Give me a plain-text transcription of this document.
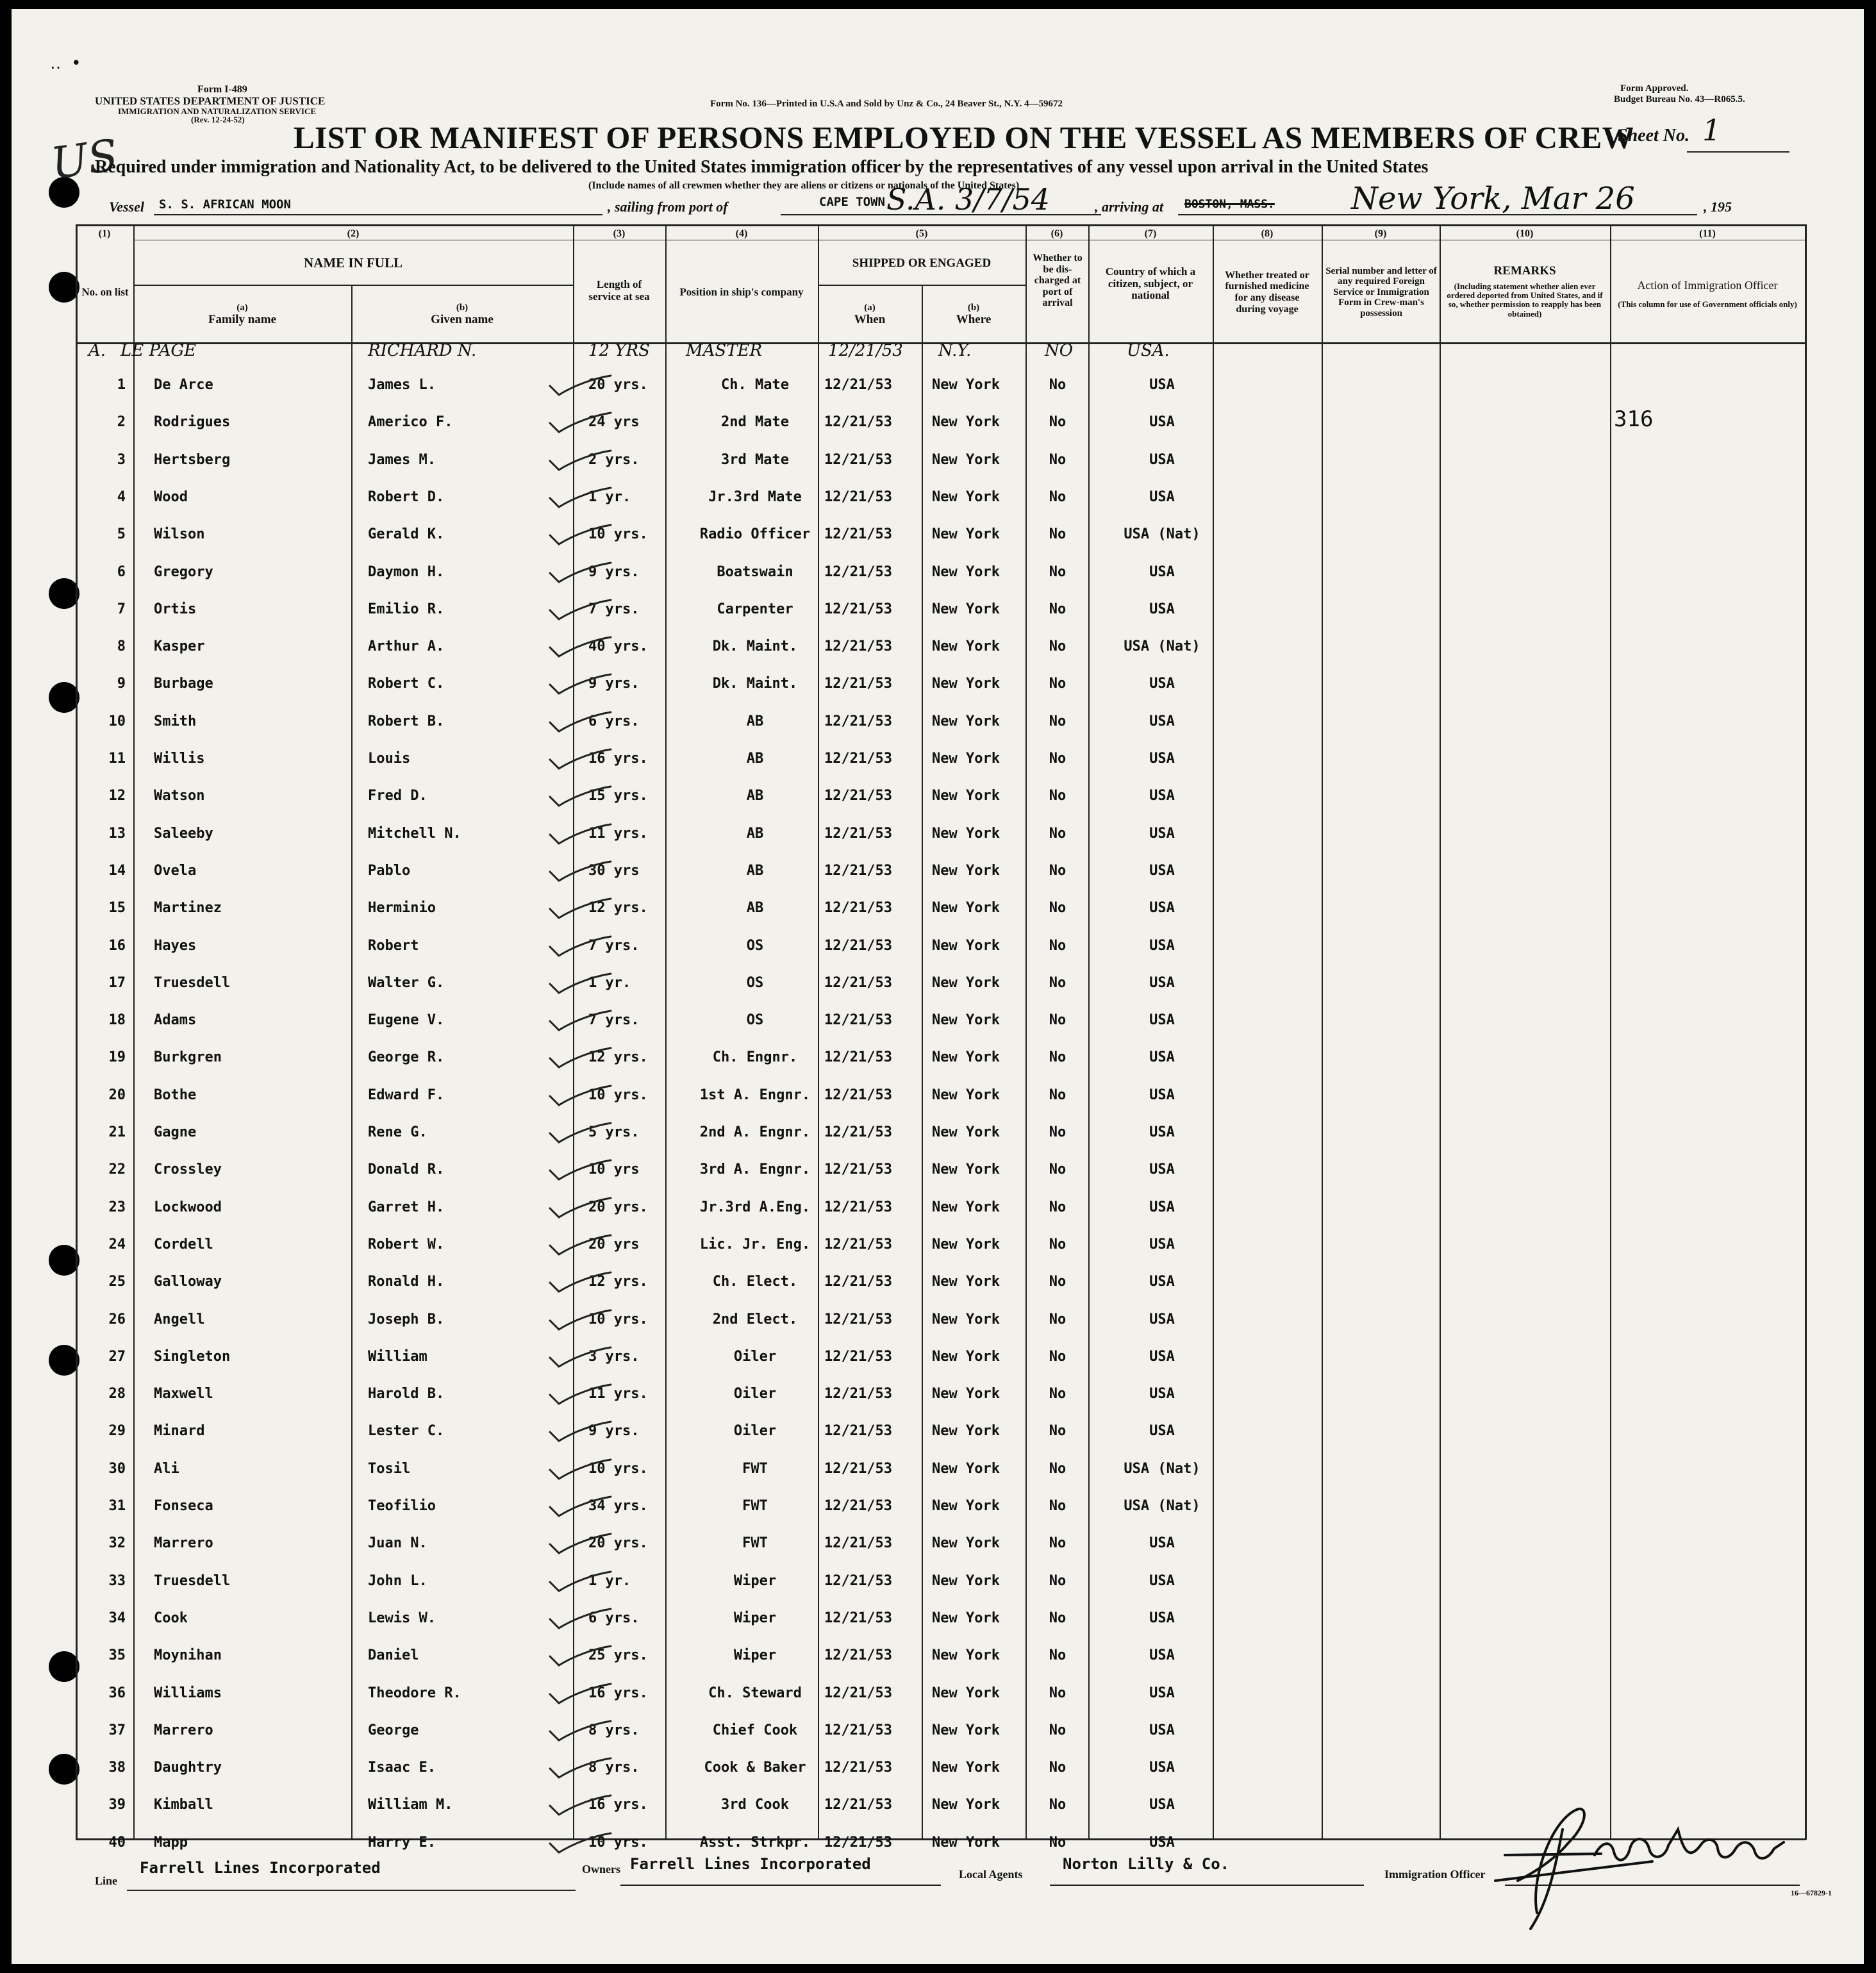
‥ •
Form I-489
UNITED STATES DEPARTMENT OF JUSTICE
IMMIGRATION AND NATURALIZATION SERVICE
(Rev. 12-24-52)
Form No. 136—Printed in U.S.A and Sold by Unz & Co., 24 Beaver St., N.Y. 4—59672
Form Approved.
Budget Bureau No. 43—R065.5.
US	LIST OR MANIFEST OF PERSONS EMPLOYED ON THE VESSEL AS MEMBERS OF CREW
Sheet No. 1
Required under immigration and Nationality Act, to be delivered to the United States immigration officer by the representatives of any vessel upon arrival in the United States
(Include names of all crewmen whether they are aliens or citizens or nationals of the United States)
Vessel S. S. AFRICAN MOON	, sailing from port of	CAPE TOWN S.A. 3/7/54	, arriving at BOSTON, MASS. New York, Mar 26	, 195
(1)	(2)	(3)	(4)	(5)	(6)	(7)	(8)	(9)	(10)	(11)
No. on list
NAME IN FULL
(a)
Family name
(b)
Given name
Length of service at sea	Position in ship's company
SHIPPED OR ENGAGED
(a)
When
(b)
Where
Whether to be dis-charged at port of arrival
Country of which a citizen, subject, or national
Whether treated or furnished medicine for any disease during voyage
Serial number and letter of any required Foreign Service or Immigration Form in Crew-man's possession
REMARKS
(Including statement whether alien ever ordered deported from United States, and if so, whether permission to reapply has been obtained)
Action of Immigration Officer
(This column for use of Government officials only)
A. LE PAGE	RICHARD N.	12 YRS MASTER	12/21/53 N.Y.	NO	USA.
1 De Arce	James L.	20 yrs.	Ch. Mate	12/21/53	New York	No	USA
2 Rodrigues	Americo F.	24 yrs	2nd Mate	12/21/53	New York	No	USA
3 Hertsberg	James M.	2 yrs.	3rd Mate	12/21/53	New York	No	USA
4 Wood	Robert D.	1 yr.	Jr.3rd Mate	12/21/53	New York	No	USA
5 Wilson	Gerald K.	10 yrs.	Radio Officer 12/21/53	New York	No	USA (Nat)
6 Gregory	Daymon H.	9 yrs.	Boatswain	12/21/53	New York	No	USA
7 Ortis	Emilio R.	7 yrs.	Carpenter	12/21/53	New York	No	USA
8 Kasper	Arthur A.	40 yrs.	Dk. Maint.	12/21/53	New York	No	USA (Nat)
9 Burbage	Robert C.	9 yrs.	Dk. Maint.	12/21/53	New York	No	USA
10 Smith	Robert B.	6 yrs.	AB	12/21/53	New York	No	USA
11 Willis	Louis	16 yrs.	AB	12/21/53	New York	No	USA
12 Watson	Fred D.	15 yrs.	AB	12/21/53	New York	No	USA
13 Saleeby	Mitchell N.	11 yrs.	AB	12/21/53	New York	No	USA
14 Ovela	Pablo	30 yrs	AB	12/21/53	New York	No	USA
15 Martinez	Herminio	12 yrs.	AB	12/21/53	New York	No	USA
16 Hayes	Robert	7 yrs.	OS	12/21/53	New York	No	USA
17 Truesdell	Walter G.	1 yr.	OS	12/21/53	New York	No	USA
18 Adams	Eugene V.	7 yrs.	OS	12/21/53	New York	No	USA
19 Burkgren	George R.	12 yrs.	Ch. Engnr.	12/21/53	New York	No	USA
20 Bothe	Edward F.	10 yrs.	1st A. Engnr. 12/21/53	New York	No	USA
21 Gagne	Rene G.	5 yrs.	2nd A. Engnr. 12/21/53	New York	No	USA
22 Crossley	Donald R.	10 yrs	3rd A. Engnr. 12/21/53	New York	No	USA
23 Lockwood	Garret H.	20 yrs.	Jr.3rd A.Eng. 12/21/53	New York	No	USA
24 Cordell	Robert W.	20 yrs	Lic. Jr. Eng. 12/21/53	New York	No	USA
25 Galloway	Ronald H.	12 yrs.	Ch. Elect.	12/21/53	New York	No	USA
26 Angell	Joseph B.	10 yrs.	2nd Elect.	12/21/53	New York	No	USA
27 Singleton	William	3 yrs.	Oiler	12/21/53	New York	No	USA
28 Maxwell	Harold B.	11 yrs.	Oiler	12/21/53	New York	No	USA
29 Minard	Lester C.	9 yrs.	Oiler	12/21/53	New York	No	USA
30 Ali	Tosil	10 yrs.	FWT	12/21/53	New York	No	USA (Nat)
31 Fonseca	Teofilio	34 yrs.	FWT	12/21/53	New York	No	USA (Nat)
32 Marrero	Juan N.	20 yrs.	FWT	12/21/53	New York	No	USA
33 Truesdell	John L.	1 yr.	Wiper	12/21/53	New York	No	USA
34 Cook	Lewis W.	6 yrs.	Wiper	12/21/53	New York	No	USA
35 Moynihan	Daniel	25 yrs.	Wiper	12/21/53	New York	No	USA
36 Williams	Theodore R.	16 yrs.	Ch. Steward	12/21/53	New York	No	USA
37 Marrero	George	8 yrs.	Chief Cook	12/21/53	New York	No	USA
38 Daughtry	Isaac E.	8 yrs.	Cook & Baker	12/21/53	New York	No	USA
39 Kimball	William M.	16 yrs.	3rd Cook	12/21/53	New York	No	USA
40 Mapp	Harry E.	10 yrs.	Asst. Strkpr. 12/21/53	New York	No	USA
316
Line
Farrell Lines Incorporated	Owners Farrell Lines Incorporated
Local Agents
Norton Lilly & Co.
Immigration Officer
16—67829-1
